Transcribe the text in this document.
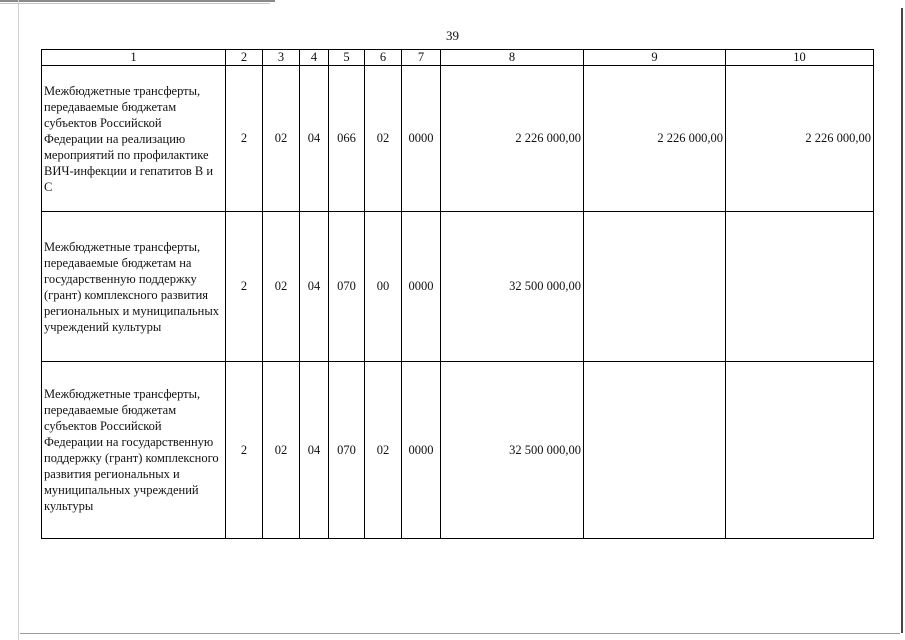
39
1	2	3	4	5	6	7	8	9	10
Межбюджетные трансферты, передаваемые бюджетам субъектов Российской Федерации на реализацию мероприятий по профилактике ВИЧ-инфекции и гепатитов В и С	2	02	04	066	02	0000	2 226 000,00	2 226 000,00	2 226 000,00
Межбюджетные трансферты, передаваемые бюджетам на государственную поддержку (грант) комплексного развития региональных и муниципальных учреждений культуры	2	02	04	070	00	0000	32 500 000,00		
Межбюджетные трансферты, передаваемые бюджетам субъектов Российской Федерации на государственную поддержку (грант) комплексного развития региональных и муниципальных учреждений культуры	2	02	04	070	02	0000	32 500 000,00		
